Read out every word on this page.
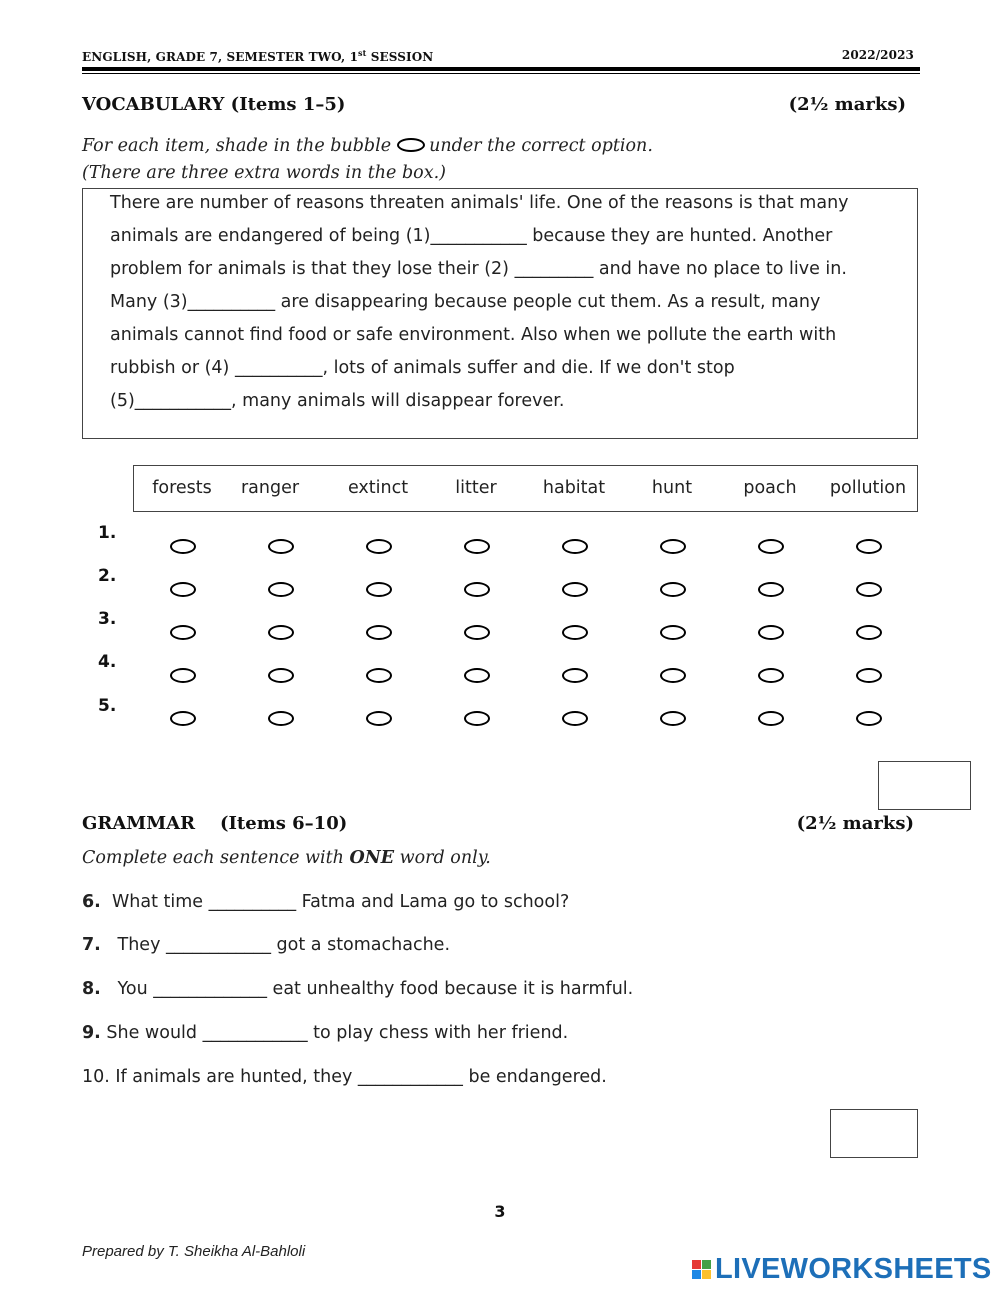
ENGLISH, GRADE 7, SEMESTER TWO, 1st SESSION	2022/2023
VOCABULARY (Items 1–5)	(2½ marks)
For each item, shade in the bubble under the correct option.
(There are three extra words in the box.)
There are number of reasons threaten animals' life. One of the reasons is that many
animals are endangered of being (1)___________ because they are hunted. Another
problem for animals is that they lose their (2) _________ and have no place to live in.
Many (3)__________ are disappearing because people cut them. As a result, many
animals cannot find food or safe environment. Also when we pollute the earth with
rubbish or (4) __________, lots of animals suffer and die. If we don't stop
(5)___________, many animals will disappear forever.
forests	ranger	extinct	litter	habitat	hunt	poach	pollution
1.
2.
3.
4.
5.
GRAMMAR (Items 6–10)	(2½ marks)
Complete each sentence with ONE word only.
6.  What time __________ Fatma and Lama go to school?
7.   They ____________ got a stomachache.
8.   You _____________ eat unhealthy food because it is harmful.
9. She would ____________ to play chess with her friend.
10. If animals are hunted, they ____________ be endangered.
3
Prepared by T. Sheikha Al-Bahloli
LIVEWORKSHEETS
